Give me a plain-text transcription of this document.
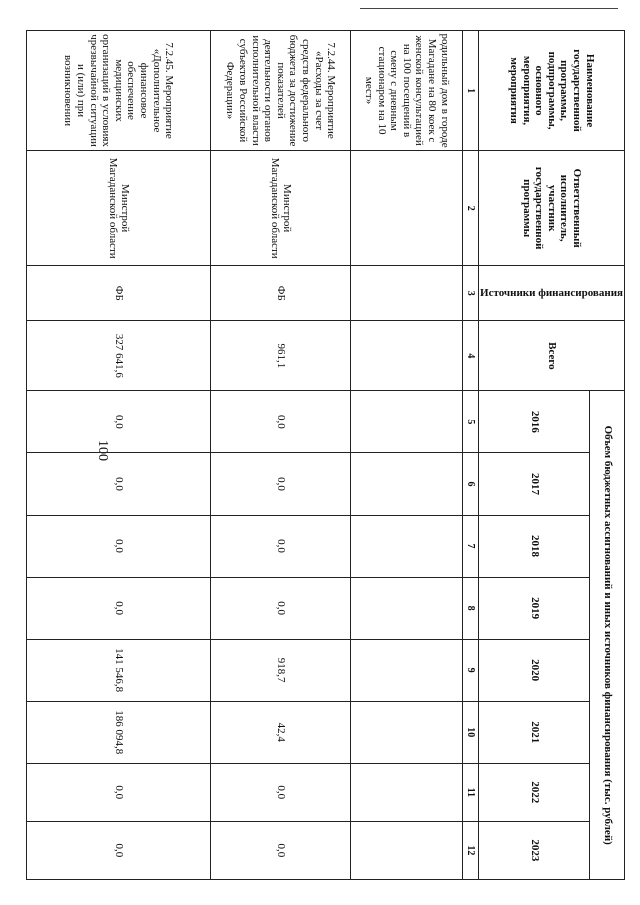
100
Наименование государственной программы, подпрограммы, основного мероприятия, мероприятия	Ответственный исполнитель, участник государственной программы	Источники финансирования	Всего	Объем бюджетных ассигнований и иных источников финансирования (тыс. рублей)							
				2016	2017	2018	2019	2020	2021	2022	2023
1	2	3	4	5	6	7	8	9	10	11	12
родильный дом в городе Магадане на 80 коек с женской консультацией на 100 посещений в смену с дневным стационаром на 10 мест»											
7.2.44. Мероприятие «Расходы за счет средств федерального бюджета за достижение показателей деятельности органов исполнительной власти субъектов Российской Федерации»	Минстрой Магаданской области	ФБ	961,1	0,0	0,0	0,0	0,0	918,7	42,4	0,0	0,0
7.2.45. Мероприятие «Дополнительное финансовое обеспечение медицинских организаций в условиях чрезвычайной ситуации и (или) при возникновении	Минстрой Магаданской области	ФБ	327 641,6	0,0	0,0	0,0	0,0	141 546,8	186 094,8	0,0	0,0
